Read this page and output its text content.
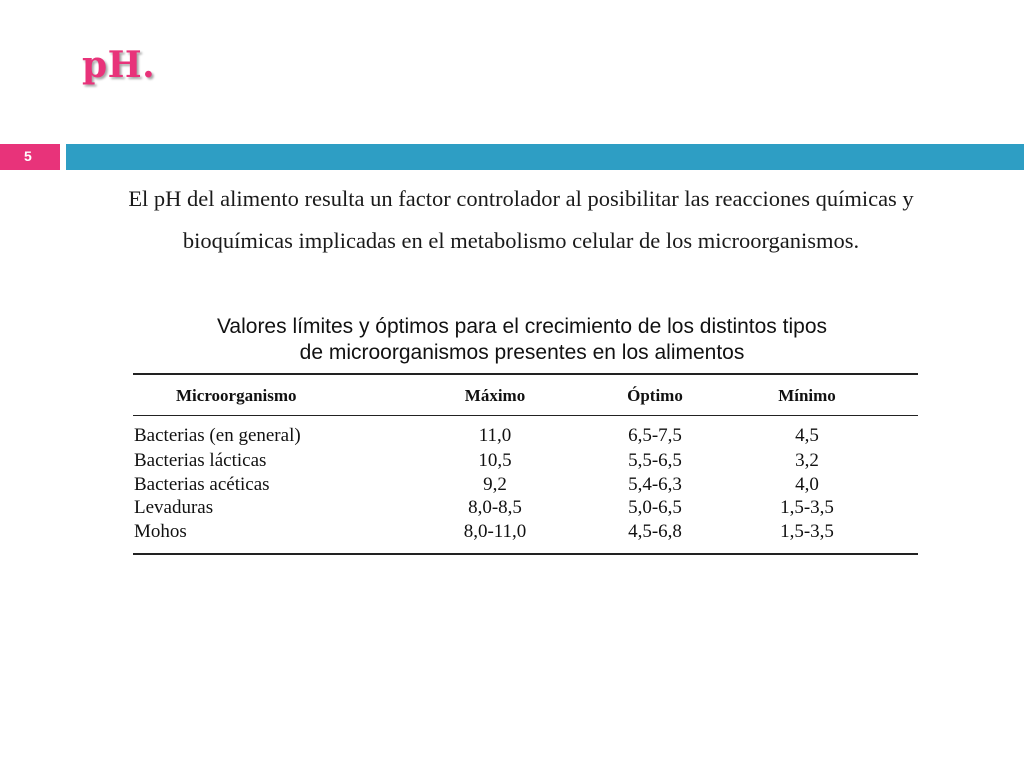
pH.
5

El pH del alimento resulta un factor controlador al posibilitar las reacciones químicas y bioquímicas implicadas en el metabolismo celular de los microorganismos.

Valores límites y óptimos para el crecimiento de los distintos tipos
de microorganismos presentes en los alimentos
Microorganismo	Máximo	Óptimo	Mínimo
Bacterias (en general)	11,0	6,5-7,5	4,5
Bacterias lácticas	10,5	5,5-6,5	3,2
Bacterias acéticas	9,2	5,4-6,3	4,0
Levaduras	8,0-8,5	5,0-6,5	1,5-3,5
Mohos	8,0-11,0	4,5-6,8	1,5-3,5
